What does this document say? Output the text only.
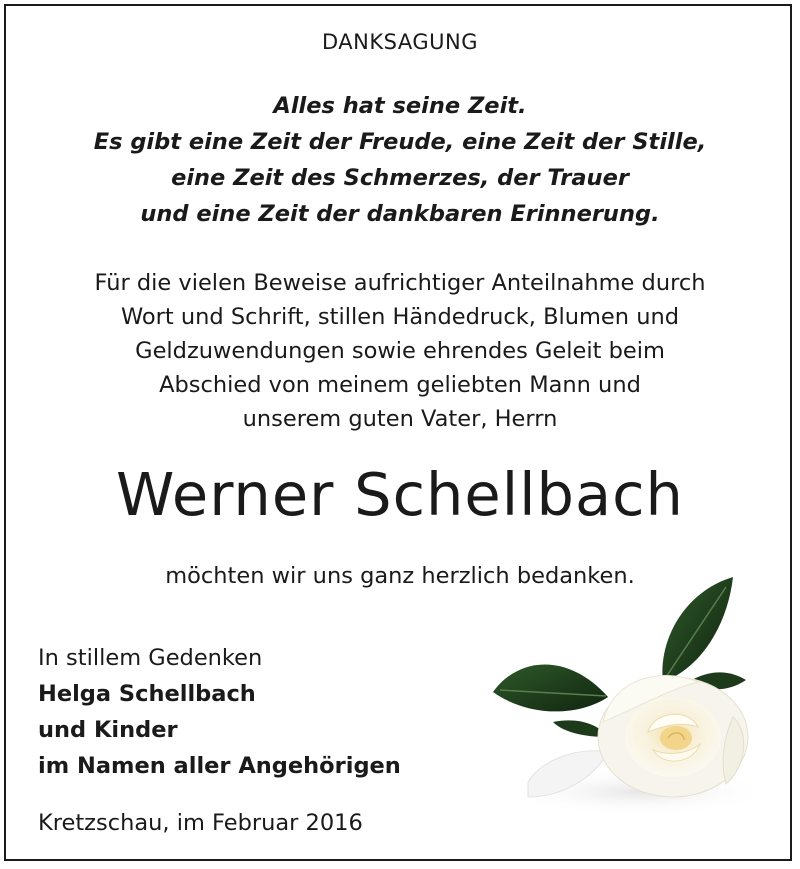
DANKSAGUNG
Alles hat seine Zeit.
Es gibt eine Zeit der Freude, eine Zeit der Stille,
eine Zeit des Schmerzes, der Trauer
und eine Zeit der dankbaren Erinnerung.
Für die vielen Beweise aufrichtiger Anteilnahme durch
Wort und Schrift, stillen Händedruck, Blumen und
Geldzuwendungen sowie ehrendes Geleit beim
Abschied von meinem geliebten Mann und
unserem guten Vater, Herrn
Werner Schellbach
möchten wir uns ganz herzlich bedanken.
In stillem Gedenken
Helga Schellbach
und Kinder
im Namen aller Angehörigen
Kretzschau, im Februar 2016
